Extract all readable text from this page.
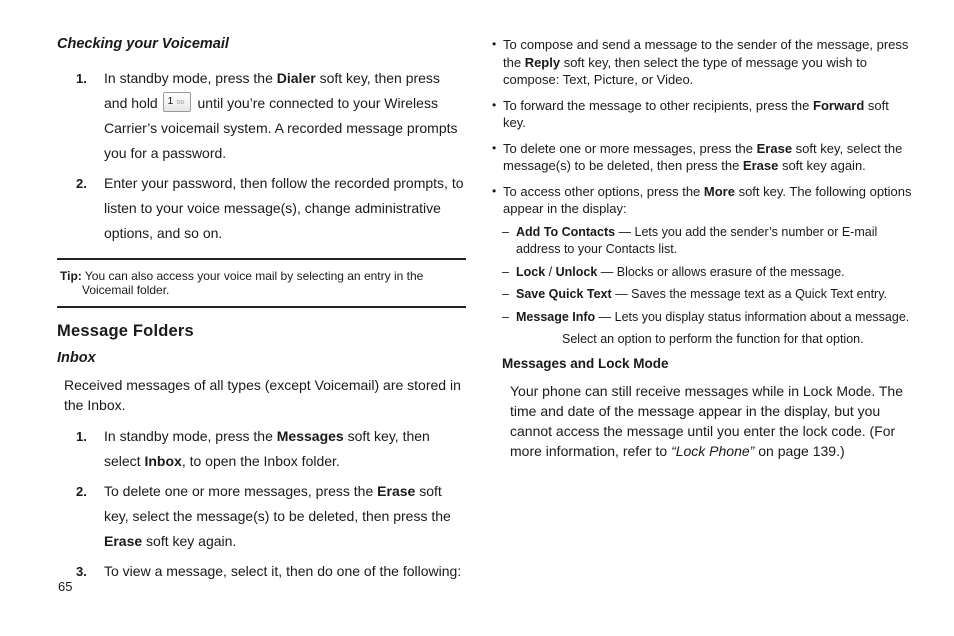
Checking your Voicemail
1. In standby mode, press the Dialer soft key, then press and hold 1 oo until you’re connected to your Wireless Carrier’s voicemail system. A recorded message prompts you for a password.
2. Enter your password, then follow the recorded prompts, to listen to your voice message(s), change administrative options, and so on.
Tip: You can also access your voice mail by selecting an entry in the
Voicemail folder.
Message Folders
Inbox

Received messages of all types (except Voicemail) are stored in the Inbox.

1. In standby mode, press the Messages soft key, then select Inbox, to open the Inbox folder.
2. To delete one or more messages, press the Erase soft key, select the message(s) to be deleted, then press the Erase soft key again.
3. To view a message, select it, then do one of the following:
65
• To compose and send a message to the sender of the message, press the Reply soft key, then select the type of message you wish to compose: Text, Picture, or Video.
• To forward the message to other recipients, press the Forward soft key.
• To delete one or more messages, press the Erase soft key, select the message(s) to be deleted, then press the Erase soft key again.
• To access other options, press the More soft key. The following options appear in the display:
– Add To Contacts — Lets you add the sender’s number or E-mail address to your Contacts list.
– Lock / Unlock — Blocks or allows erasure of the message.
– Save Quick Text — Saves the message text as a Quick Text entry.
– Message Info — Lets you display status information about a message.

Select an option to perform the function for that option.

Messages and Lock Mode

Your phone can still receive messages while in Lock Mode. The time and date of the message appear in the display, but you cannot access the message until you enter the lock code. (For more information, refer to “Lock Phone” on page 139.)
